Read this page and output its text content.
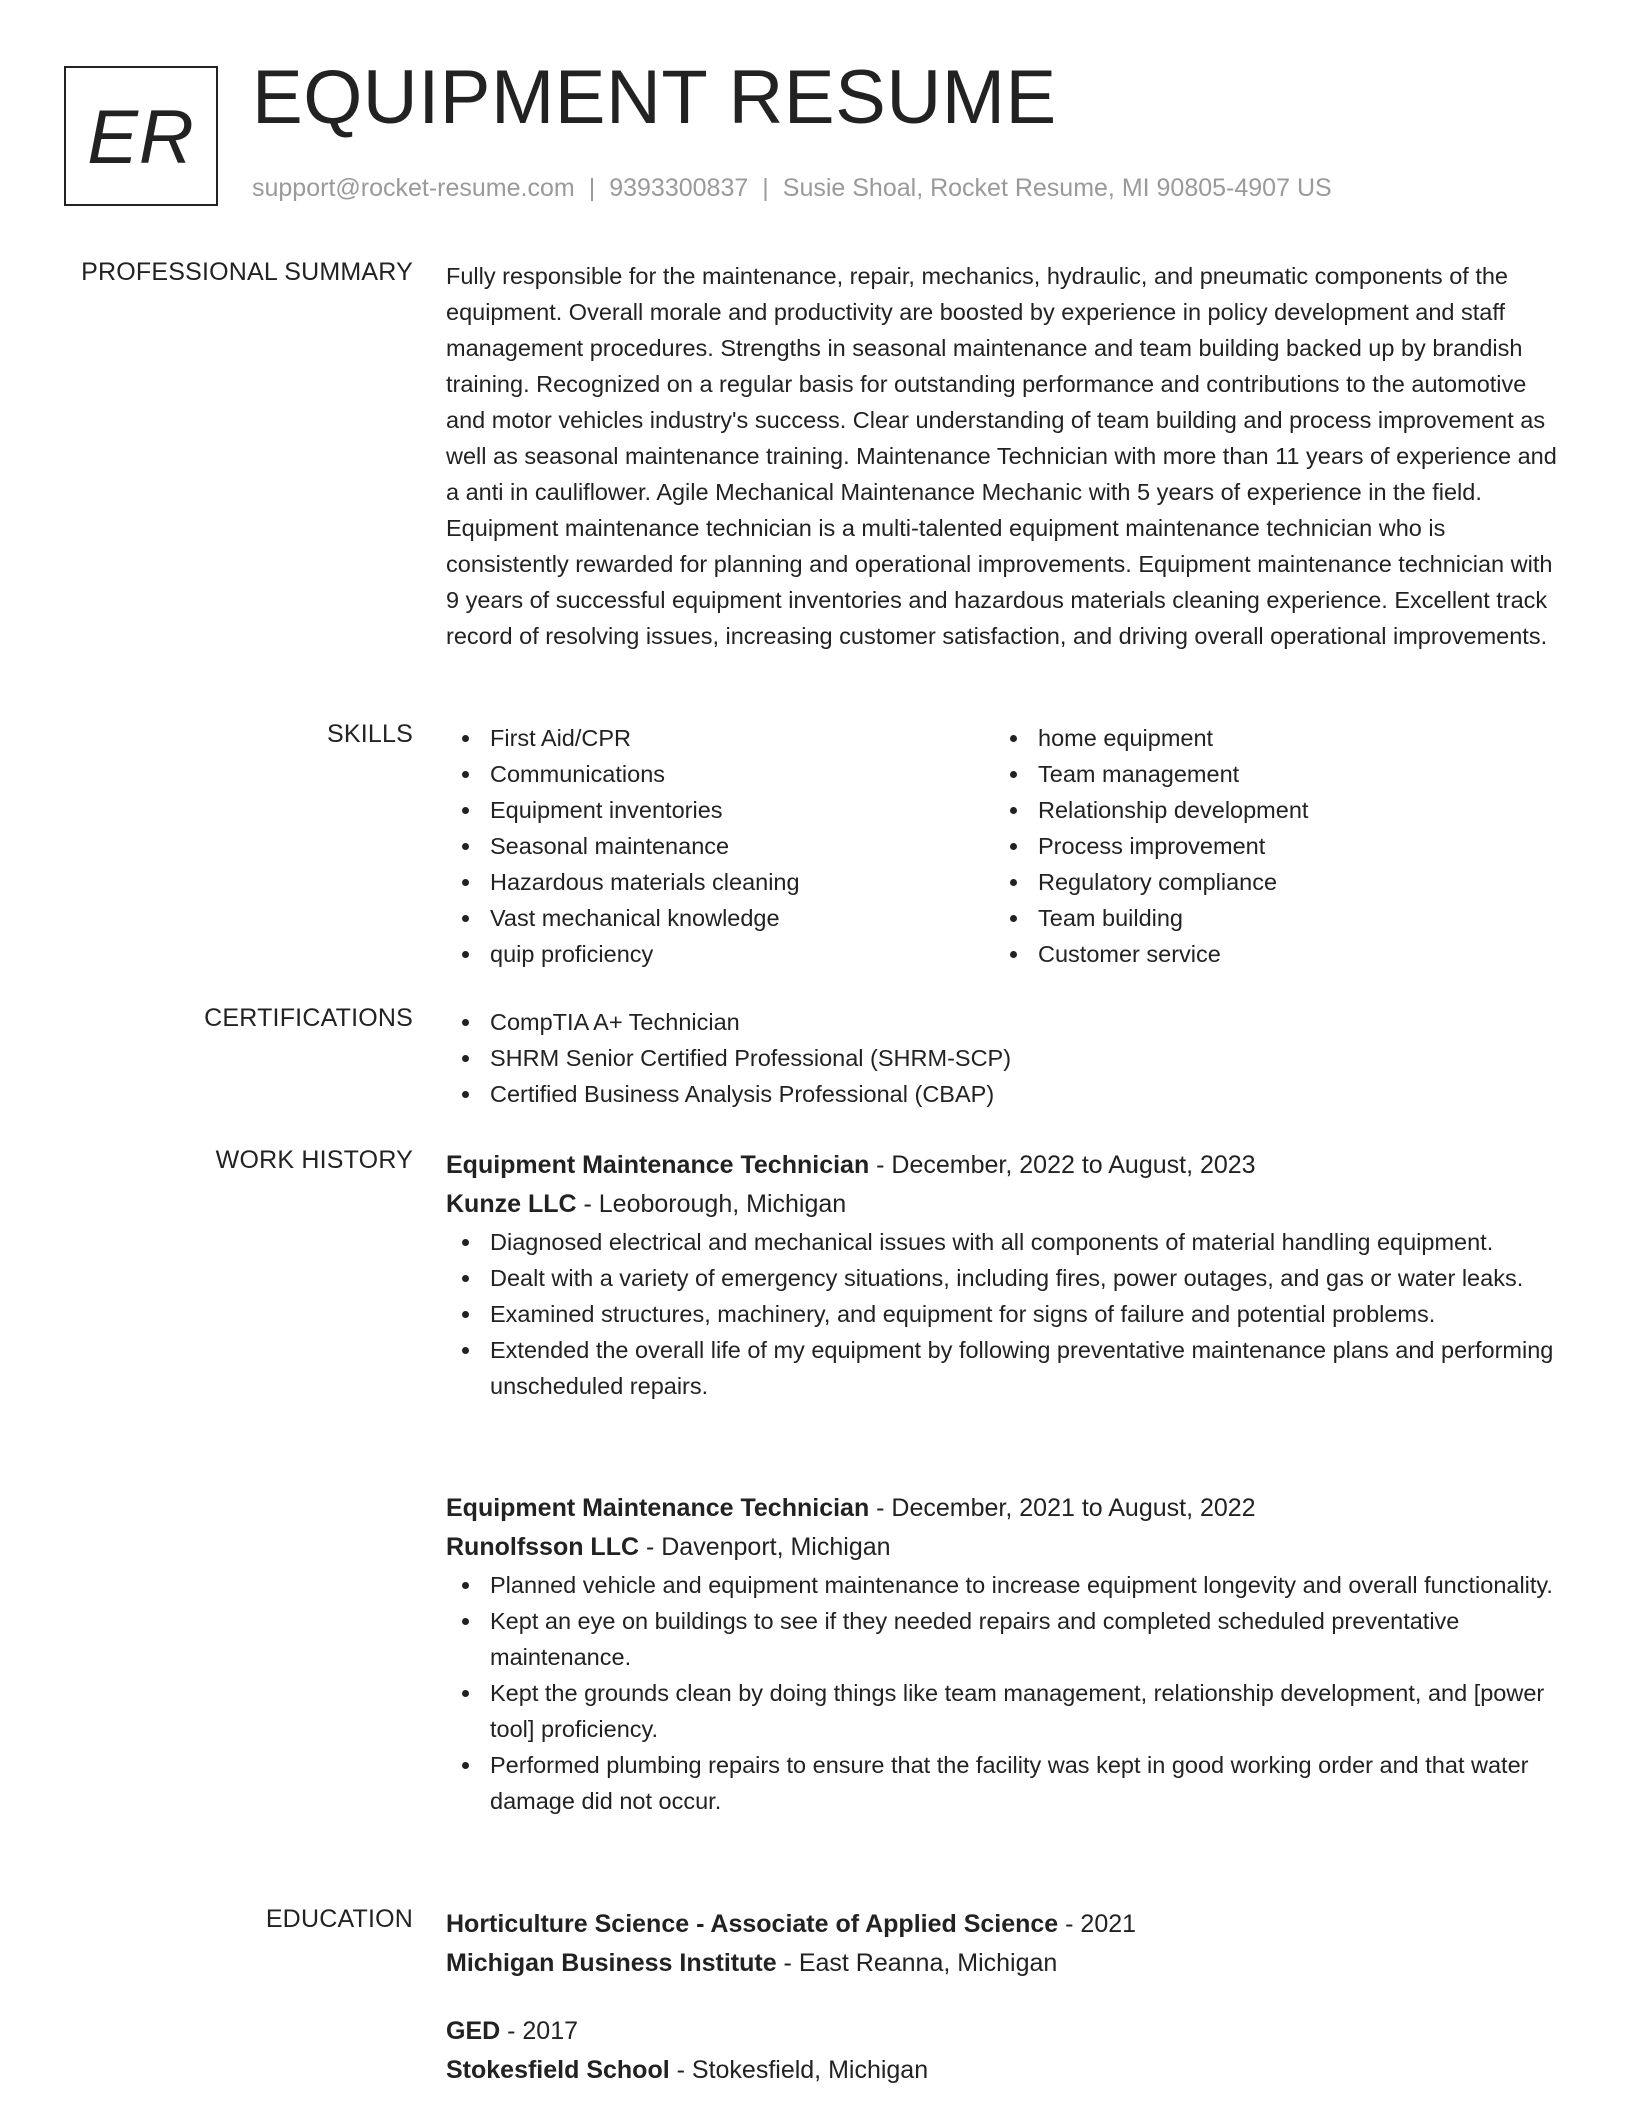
ER EQUIPMENT RESUME
support@rocket-resume.com | 9393300837 | Susie Shoal, Rocket Resume, MI 90805-4907 US
PROFESSIONAL SUMMARY Fully responsible for the maintenance, repair, mechanics, hydraulic, and pneumatic components of the equipment. Overall morale and productivity are boosted by experience in policy development and staff management procedures. Strengths in seasonal maintenance and team building backed up by brandish training. Recognized on a regular basis for outstanding performance and contributions to the automotive and motor vehicles industry's success. Clear understanding of team building and process improvement as well as seasonal maintenance training. Maintenance Technician with more than 11 years of experience and a anti in cauliflower. Agile Mechanical Maintenance Mechanic with 5 years of experience in the field. Equipment maintenance technician is a multi-talented equipment maintenance technician who is consistently rewarded for planning and operational improvements. Equipment maintenance technician with 9 years of successful equipment inventories and hazardous materials cleaning experience. Excellent track record of resolving issues, increasing customer satisfaction, and driving overall operational improvements.
SKILLS	First Aid/CPR
Communications
Equipment inventories
Seasonal maintenance
Hazardous materials cleaning
Vast mechanical knowledge
quip proficiency
home equipment
Team management
Relationship development
Process improvement
Regulatory compliance
Team building
Customer service
CERTIFICATIONS	CompTIA A+ Technician
SHRM Senior Certified Professional (SHRM-SCP)
Certified Business Analysis Professional (CBAP)
WORK HISTORY Equipment Maintenance Technician - December, 2022 to August, 2023
Kunze LLC - Leoborough, Michigan
Diagnosed electrical and mechanical issues with all components of material handling equipment.
Dealt with a variety of emergency situations, including fires, power outages, and gas or water leaks.
Examined structures, machinery, and equipment for signs of failure and potential problems.
Extended the overall life of my equipment by following preventative maintenance plans and performing unscheduled repairs.
Equipment Maintenance Technician - December, 2021 to August, 2022
Runolfsson LLC - Davenport, Michigan
Planned vehicle and equipment maintenance to increase equipment longevity and overall functionality.
Kept an eye on buildings to see if they needed repairs and completed scheduled preventative maintenance.
Kept the grounds clean by doing things like team management, relationship development, and [power tool] proficiency.
Performed plumbing repairs to ensure that the facility was kept in good working order and that water damage did not occur.
EDUCATION Horticulture Science - Associate of Applied Science - 2021
Michigan Business Institute - East Reanna, Michigan
GED - 2017
Stokesfield School - Stokesfield, Michigan
